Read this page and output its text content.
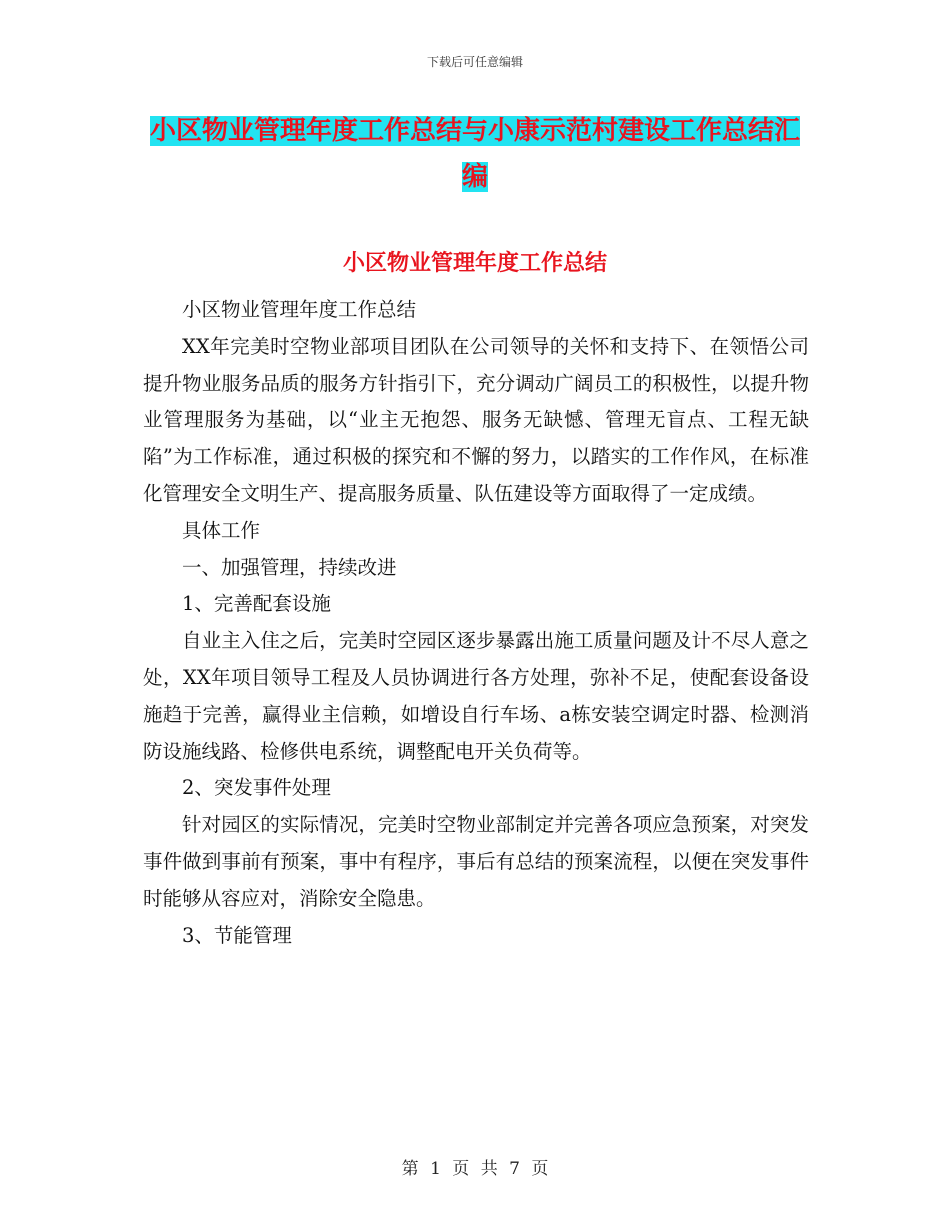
下载后可任意编辑
小区物业管理年度工作总结与小康示范村建设工作总结汇编
小区物业管理年度工作总结

小区物业管理年度工作总结

XX年完美时空物业部项目团队在公司领导的关怀和支持下、在领悟公司提升物业服务品质的服务方针指引下，充分调动广阔员工的积极性，以提升物业管理服务为基础，以“业主无抱怨、服务无缺憾、管理无盲点、工程无缺陷”为工作标准，通过积极的探究和不懈的努力，以踏实的工作作风，在标准化管理安全文明生产、提高服务质量、队伍建设等方面取得了一定成绩。

具体工作

一、加强管理，持续改进

1、完善配套设施

自业主入住之后，完美时空园区逐步暴露出施工质量问题及计不尽人意之处，XX年项目领导工程及人员协调进行各方处理，弥补不足，使配套设备设施趋于完善，赢得业主信赖，如增设自行车场、a栋安装空调定时器、检测消防设施线路、检修供电系统，调整配电开关负荷等。

2、突发事件处理

针对园区的实际情况，完美时空物业部制定并完善各项应急预案，对突发事件做到事前有预案，事中有程序，事后有总结的预案流程，以便在突发事件时能够从容应对，消除安全隐患。

3、节能管理

第 1 页 共 7 页
